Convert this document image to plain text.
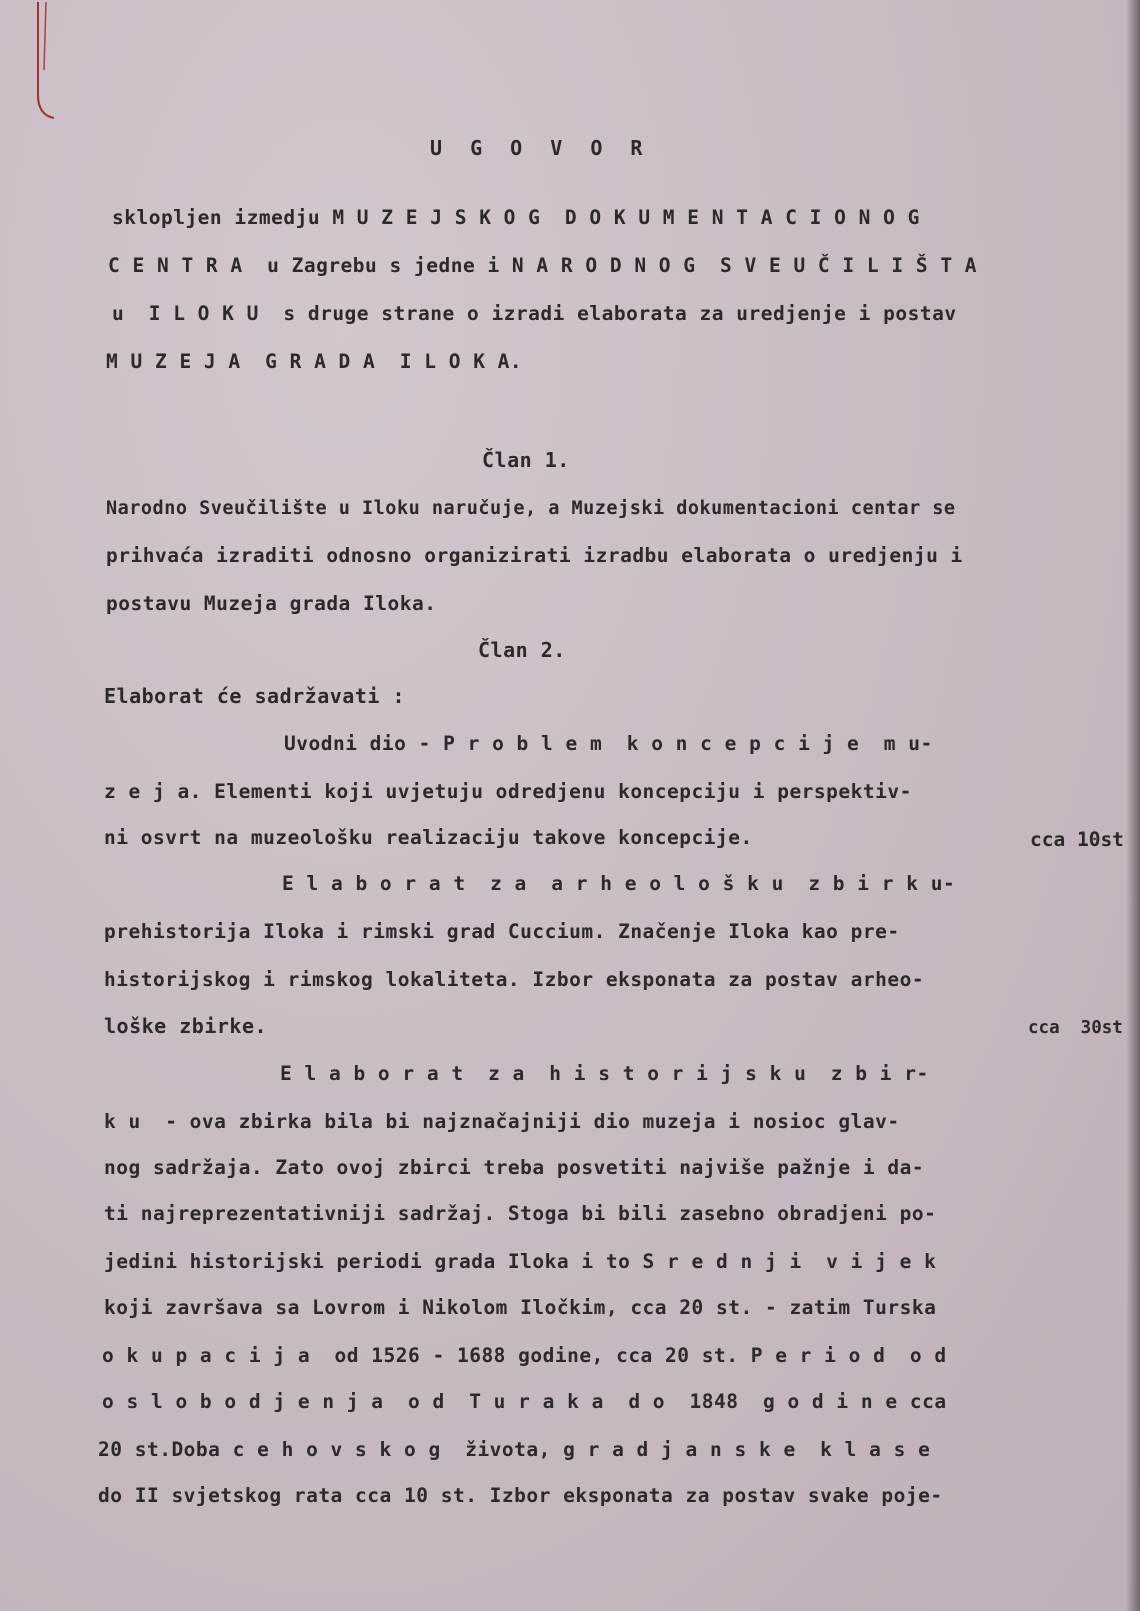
U G O V O R
sklopljen izmedju M U Z E J S K O G  D O K U M E N T A C I O N O G
C E N T R A  u Zagrebu s jedne i N A R O D N O G  S V E U Č I L I Š T A
u  I L O K U  s druge strane o izradi elaborata za uredjenje i postav
M U Z E J A  G R A D A  I L O K A.
Član 1.
Narodno Sveučilište u Iloku naručuje, a Muzejski dokumentacioni centar se
prihvaća izraditi odnosno organizirati izradbu elaborata o uredjenju i
postavu Muzeja grada Iloka.
Član 2.
Elaborat će sadržavati :
Uvodni dio - P r o b l e m  k o n c e p c i j e  m u-
z e j a. Elementi koji uvjetuju odredjenu koncepciju i perspektiv-
ni osvrt na muzeološku realizaciju takove koncepcije.	cca 10st
E l a b o r a t  z a  a r h e o l o š k u  z b i r k u-
prehistorija Iloka i rimski grad Cuccium. Značenje Iloka kao pre-
historijskog i rimskog lokaliteta. Izbor eksponata za postav arheo-
loške zbirke.	cca  30st
E l a b o r a t  z a  h i s t o r i j s k u  z b i r-
k u  - ova zbirka bila bi najznačajniji dio muzeja i nosioc glav-
nog sadržaja. Zato ovoj zbirci treba posvetiti najviše pažnje i da-
ti najreprezentativniji sadržaj. Stoga bi bili zasebno obradjeni po-
jedini historijski periodi grada Iloka i to S r e d n j i  v i j e k
koji završava sa Lovrom i Nikolom Iločkim, cca 20 st. - zatim Turska
o k u p a c i j a  od 1526 - 1688 godine, cca 20 st. P e r i o d  o d
o s l o b o d j e n j a  o d  T u r a k a  d o  1848  g o d i n e cca
20 st.Doba c e h o v s k o g  života, g r a d j a n s k e  k l a s e
do II svjetskog rata cca 10 st. Izbor eksponata za postav svake poje-
